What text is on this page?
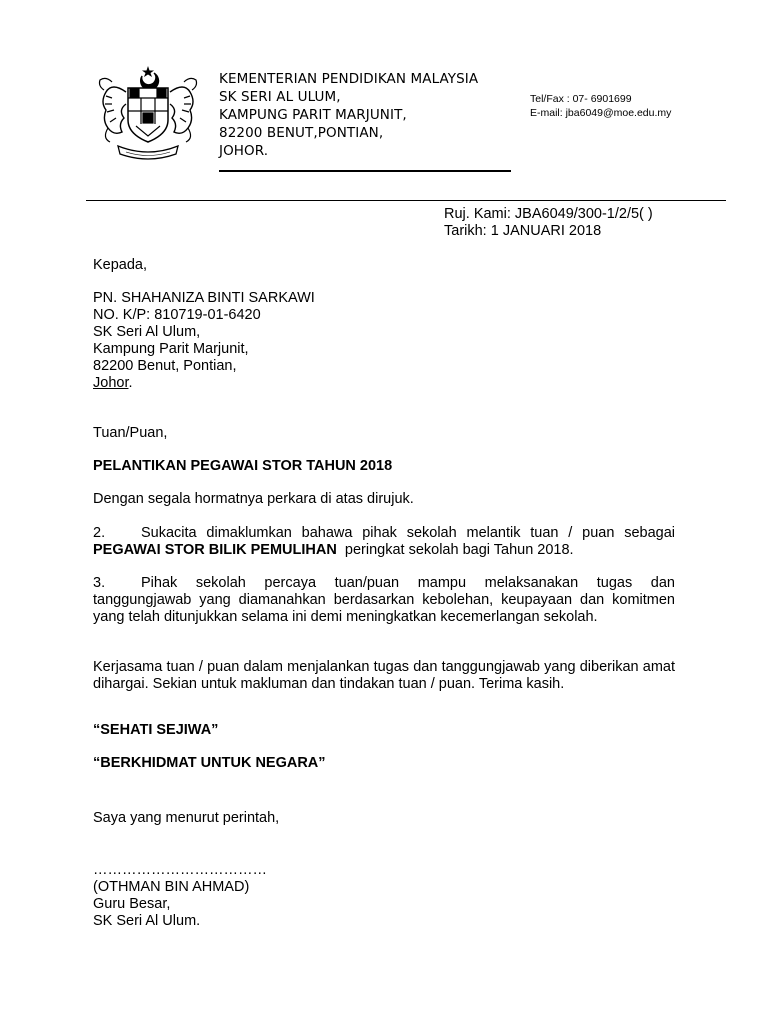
KEMENTERIAN PENDIDIKAN MALAYSIA
SK SERI AL ULUM,
KAMPUNG PARIT MARJUNIT,
82200 BENUT,PONTIAN,
JOHOR.
Tel/Fax : 07- 6901699
E-mail: jba6049@moe.edu.my
Ruj. Kami: JBA6049/300-1/2/5( )
Tarikh: 1 JANUARI 2018
Kepada,
PN. SHAHANIZA BINTI SARKAWI
NO. K/P: 810719-01-6420
SK Seri Al Ulum,
Kampung Parit Marjunit,
82200 Benut, Pontian,
Johor.
Tuan/Puan,
PELANTIKAN PEGAWAI STOR TAHUN 2018
Dengan segala hormatnya perkara di atas dirujuk.
2. Sukacita dimaklumkan bahawa pihak sekolah melantik tuan / puan sebagai
PEGAWAI STOR BILIK PEMULIHAN  peringkat sekolah bagi Tahun 2018.
3. Pihak sekolah percaya tuan/puan mampu melaksanakan tugas dan tanggungjawab yang diamanahkan berdasarkan kebolehan, keupayaan dan komitmen yang telah ditunjukkan selama ini demi meningkatkan kecemerlangan sekolah.
Kerjasama tuan / puan dalam menjalankan tugas dan tanggungjawab yang diberikan amat dihargai. Sekian untuk makluman dan tindakan tuan / puan. Terima kasih.
“SEHATI SEJIWA”
“BERKHIDMAT UNTUK NEGARA”
Saya yang menurut perintah,
………………………………
(OTHMAN BIN AHMAD)
Guru Besar,
SK Seri Al Ulum.
